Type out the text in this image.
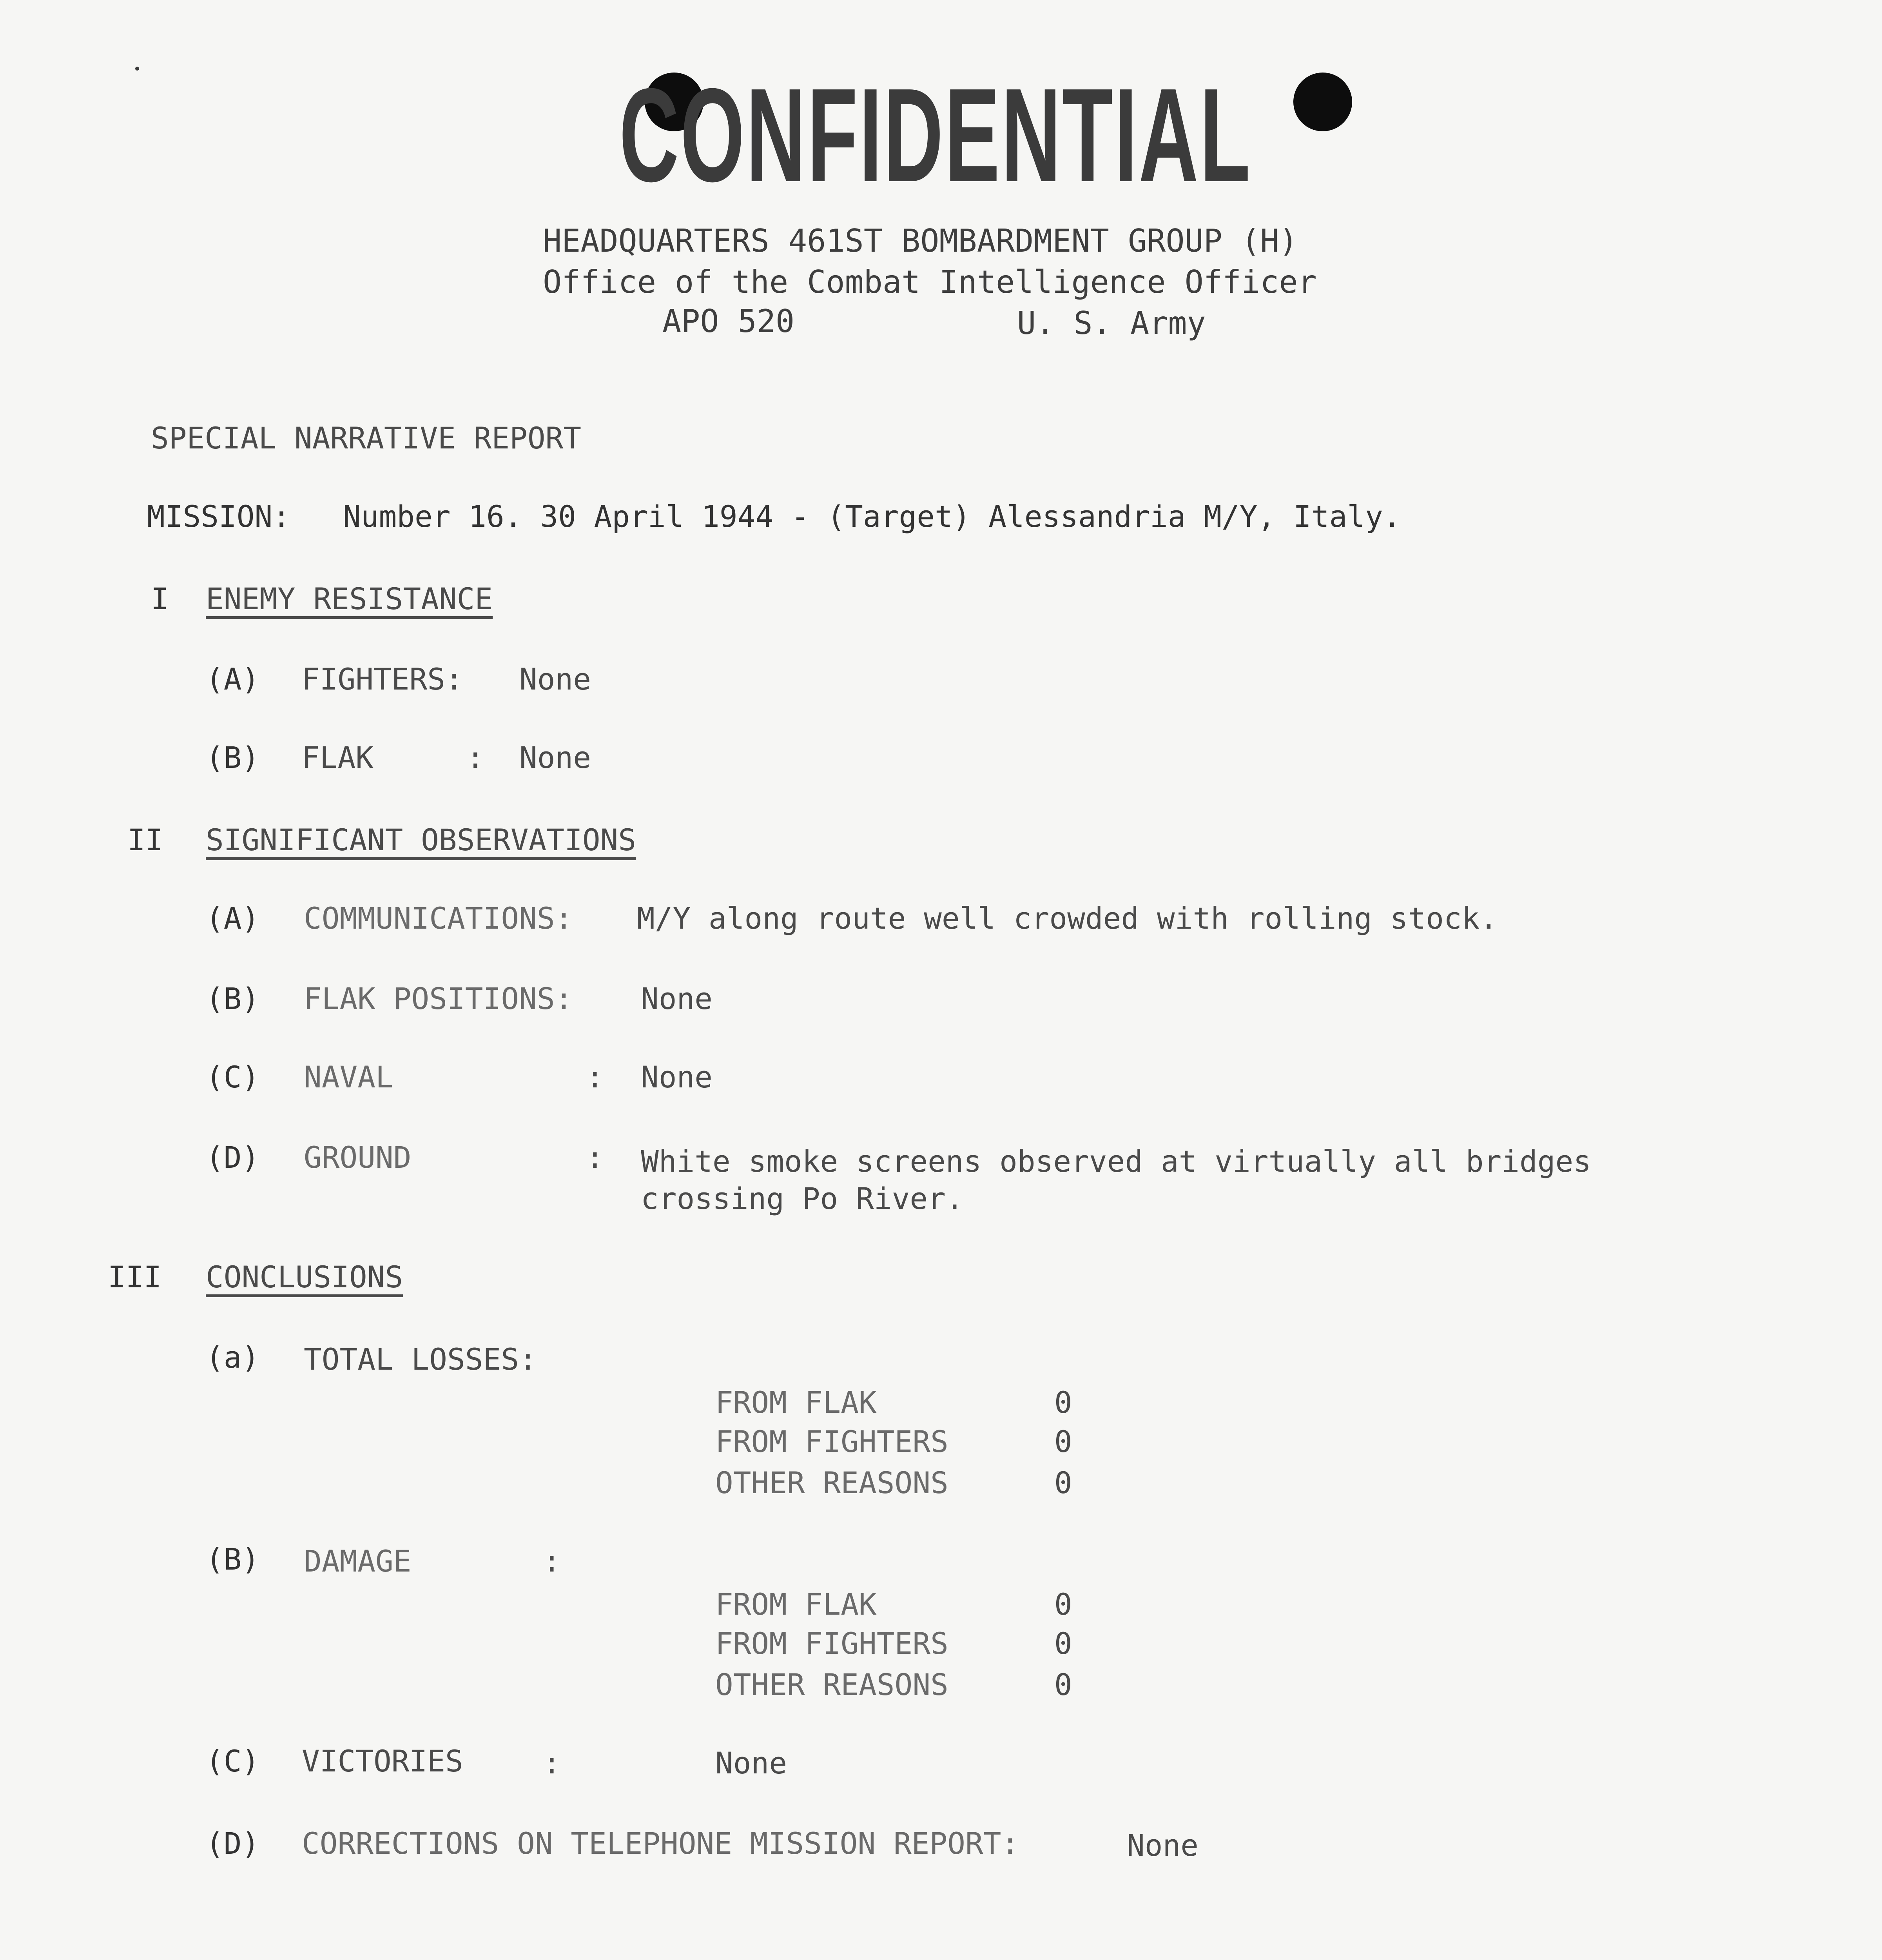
CONFIDENTIAL
HEADQUARTERS 461ST BOMBARDMENT GROUP (H)
Office of the Combat Intelligence Officer
APO 520	U. S. Army
SPECIAL NARRATIVE REPORT
MISSION: Number 16. 30 April 1944 - (Target) Alessandria M/Y, Italy.
I ENEMY RESISTANCE
(A) FIGHTERS: None
(B) FLAK	: None
II SIGNIFICANT OBSERVATIONS
(A) COMMUNICATIONS: M/Y along route well crowded with rolling stock.
(B) FLAK POSITIONS: None
(C) NAVAL	: None
(D) GROUND	: White smoke screens observed at virtually all bridges
crossing Po River.
III CONCLUSIONS
(a) TOTAL LOSSES:
FROM FLAK	0
FROM FIGHTERS	0
OTHER REASONS	0
(B) DAMAGE	:
FROM FLAK	0
FROM FIGHTERS	0
OTHER REASONS	0
(C) VICTORIES	:	None
(D) CORRECTIONS ON TELEPHONE MISSION REPORT:	None
